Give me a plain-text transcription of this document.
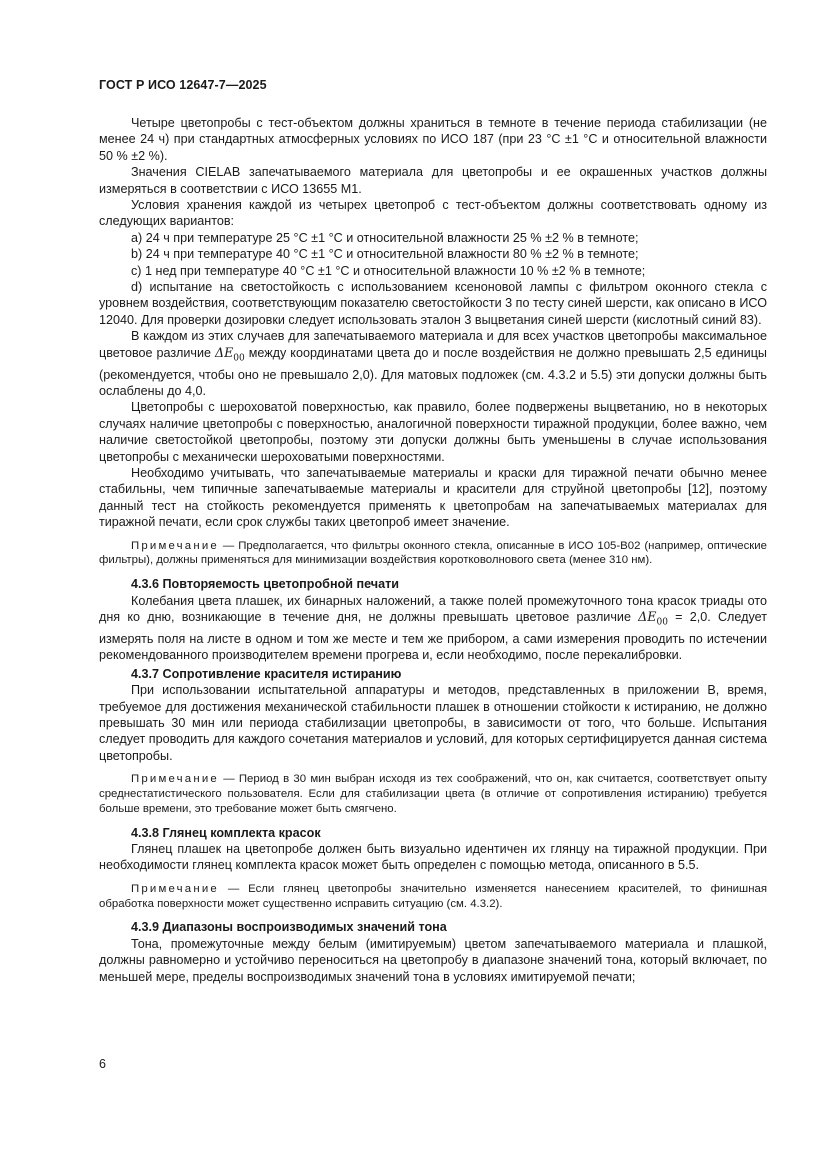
ГОСТ Р ИСО 12647-7—2025

Четыре цветопробы с тест-объектом должны храниться в темноте в течение периода стабилизации (не менее 24 ч) при стандартных атмосферных условиях по ИСО 187 (при 23 °С ±1 °С и относительной влажности 50 % ±2 %).

Значения CIELAB запечатываемого материала для цветопробы и ее окрашенных участков должны измеряться в соответствии с ИСО 13655 М1.

Условия хранения каждой из четырех цветопроб с тест-объектом должны соответствовать одному из следующих вариантов:

а) 24 ч при температуре 25 °С ±1 °С и относительной влажности 25 % ±2 % в темноте;

b) 24 ч при температуре 40 °С ±1 °С и относительной влажности 80 % ±2 % в темноте;

с) 1 нед при температуре 40 °С ±1 °С и относительной влажности 10 % ±2 % в темноте;

d) испытание на светостойкость с использованием ксеноновой лампы с фильтром оконного стекла с уровнем воздействия, соответствующим показателю светостойкости 3 по тесту синей шерсти, как описано в ИСО 12040. Для проверки дозировки следует использовать эталон 3 выцветания синей шерсти (кислотный синий 83).

В каждом из этих случаев для запечатываемого материала и для всех участков цветопробы максимальное цветовое различие $\Delta E_{00}$ между координатами цвета до и после воздействия не должно превышать 2,5 единицы (рекомендуется, чтобы оно не превышало 2,0). Для матовых подложек (см. 4.3.2 и 5.5) эти допуски должны быть ослаблены до 4,0.

Цветопробы с шероховатой поверхностью, как правило, более подвержены выцветанию, но в некоторых случаях наличие цветопробы с поверхностью, аналогичной поверхности тиражной продукции, более важно, чем наличие светостойкой цветопробы, поэтому эти допуски должны быть уменьшены в случае использования цветопробы с механически шероховатыми поверхностями.

Необходимо учитывать, что запечатываемые материалы и краски для тиражной печати обычно менее стабильны, чем типичные запечатываемые материалы и красители для струйной цветопробы [12], поэтому данный тест на стойкость рекомендуется применять к цветопробам на запечатываемых материалах для тиражной печати, если срок службы таких цветопроб имеет значение.

Примечание — Предполагается, что фильтры оконного стекла, описанные в ИСО 105-В02 (например, оптические фильтры), должны применяться для минимизации воздействия коротковолнового света (менее 310 нм).

4.3.6 Повторяемость цветопробной печати

Колебания цвета плашек, их бинарных наложений, а также полей промежуточного тона красок триады ото дня ко дню, возникающие в течение дня, не должны превышать цветовое различие $\Delta E_{00} = 2,0$. Следует измерять поля на листе в одном и том же месте и тем же прибором, а сами измерения проводить по истечении рекомендованного производителем времени прогрева и, если необходимо, после перекалибровки.

4.3.7 Сопротивление красителя истиранию

При использовании испытательной аппаратуры и методов, представленных в приложении В, время, требуемое для достижения механической стабильности плашек в отношении стойкости к истиранию, не должно превышать 30 мин или периода стабилизации цветопробы, в зависимости от того, что больше. Испытания следует проводить для каждого сочетания материалов и условий, для которых сертифицируется данная система цветопробы.

Примечание — Период в 30 мин выбран исходя из тех соображений, что он, как считается, соответствует опыту среднестатистического пользователя. Если для стабилизации цвета (в отличие от сопротивления истиранию) требуется больше времени, это требование может быть смягчено.

4.3.8 Глянец комплекта красок

Глянец плашек на цветопробе должен быть визуально идентичен их глянцу на тиражной продукции. При необходимости глянец комплекта красок может быть определен с помощью метода, описанного в 5.5.

Примечание — Если глянец цветопробы значительно изменяется нанесением красителей, то финишная обработка поверхности может существенно исправить ситуацию (см. 4.3.2).

4.3.9 Диапазоны воспроизводимых значений тона

Тона, промежуточные между белым (имитируемым) цветом запечатываемого материала и плашкой, должны равномерно и устойчиво переноситься на цветопробу в диапазоне значений тона, который включает, по меньшей мере, пределы воспроизводимых значений тона в условиях имитируемой печати;

6
